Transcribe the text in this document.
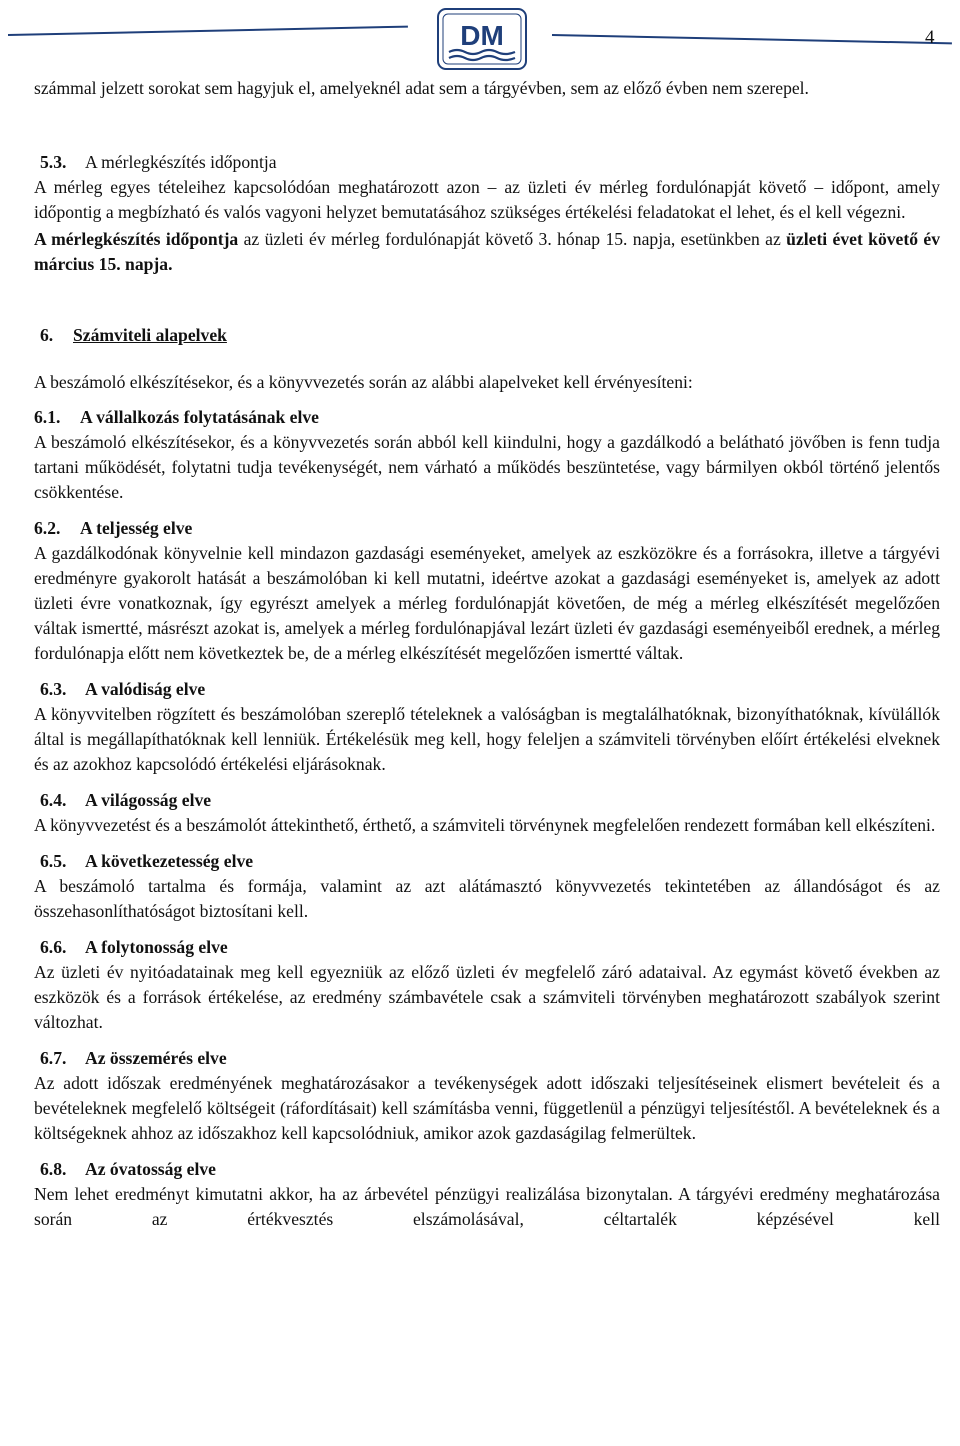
DM	4

számmal jelzett sorokat sem hagyjuk el, amelyeknél adat sem a tárgyévben, sem az előző évben nem szerepel.

5.3. A mérlegkészítés időpontja

A mérleg egyes tételeihez kapcsolódóan meghatározott azon – az üzleti év mérleg fordulónapját követő – időpont, amely időpontig a megbízható és valós vagyoni helyzet bemutatásához szükséges értékelési feladatokat el lehet, és el kell végezni.

A mérlegkészítés időpontja az üzleti év mérleg fordulónapját követő 3. hónap 15. napja, esetünkben az üzleti évet követő év március 15. napja.

6. Számviteli alapelvek

A beszámoló elkészítésekor, és a könyvvezetés során az alábbi alapelveket kell érvényesíteni:

6.1. A vállalkozás folytatásának elve

A beszámoló elkészítésekor, és a könyvvezetés során abból kell kiindulni, hogy a gazdálkodó a belátható jövőben is fenn tudja tartani működését, folytatni tudja tevékenységét, nem várható a működés beszüntetése, vagy bármilyen okból történő jelentős csökkentése.

6.2. A teljesség elve

A gazdálkodónak könyvelnie kell mindazon gazdasági eseményeket, amelyek az eszközökre és a forrásokra, illetve a tárgyévi eredményre gyakorolt hatását a beszámolóban ki kell mutatni, ideértve azokat a gazdasági eseményeket is, amelyek az adott üzleti évre vonatkoznak, így egyrészt amelyek a mérleg fordulónapját követően, de még a mérleg elkészítését megelőzően váltak ismertté, másrészt azokat is, amelyek a mérleg fordulónapjával lezárt üzleti év gazdasági eseményeiből erednek, a mérleg fordulónapja előtt nem következtek be, de a mérleg elkészítését megelőzően ismertté váltak.

6.3. A valódiság elve

A könyvvitelben rögzített és beszámolóban szereplő tételeknek a valóságban is megtalálhatóknak, bizonyíthatóknak, kívülállók által is megállapíthatóknak kell lenniük. Értékelésük meg kell, hogy feleljen a számviteli törvényben előírt értékelési elveknek és az azokhoz kapcsolódó értékelési eljárásoknak.

6.4. A világosság elve

A könyvvezetést és a beszámolót áttekinthető, érthető, a számviteli törvénynek megfelelően rendezett formában kell elkészíteni.

6.5. A következetesség elve

A beszámoló tartalma és formája, valamint az azt alátámasztó könyvvezetés tekintetében az állandóságot és az összehasonlíthatóságot biztosítani kell.

6.6. A folytonosság elve

Az üzleti év nyitóadatainak meg kell egyezniük az előző üzleti év megfelelő záró adataival. Az egymást követő években az eszközök és a források értékelése, az eredmény számbavétele csak a számviteli törvényben meghatározott szabályok szerint változhat.

6.7. Az összemérés elve

Az adott időszak eredményének meghatározásakor a tevékenységek adott időszaki teljesítéseinek elismert bevételeit és a bevételeknek megfelelő költségeit (ráfordításait) kell számításba venni, függetlenül a pénzügyi teljesítéstől. A bevételeknek és a költségeknek ahhoz az időszakhoz kell kapcsolódniuk, amikor azok gazdaságilag felmerültek.

6.8. Az óvatosság elve

Nem lehet eredményt kimutatni akkor, ha az árbevétel pénzügyi realizálása bizonytalan. A tárgyévi eredmény meghatározása során az értékvesztés elszámolásával, céltartalék képzésével kell
